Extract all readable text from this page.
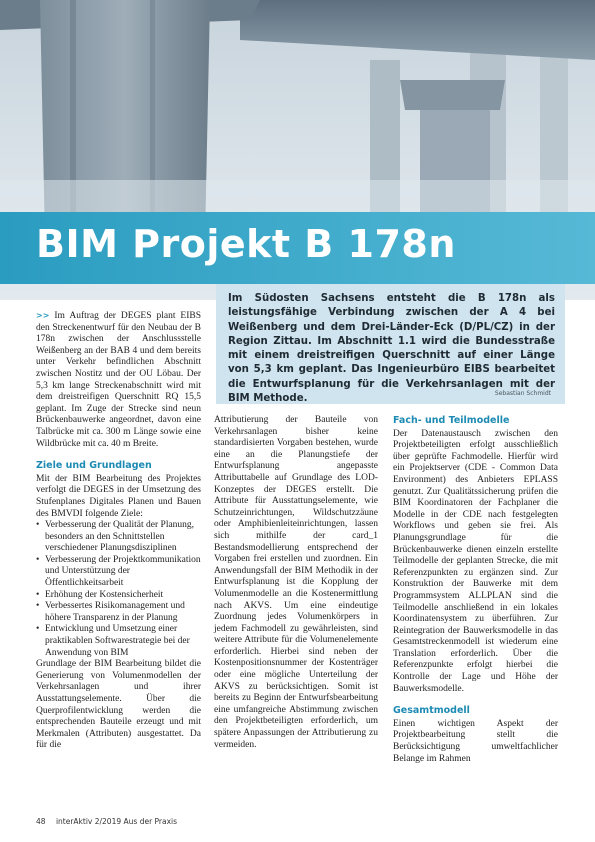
BIM Projekt B 178n

Im Südosten Sachsens entsteht die B 178n als leistungsfähige Verbindung zwischen der A 4 bei Weißenberg und dem Drei-Länder-Eck (D/PL/CZ) in der Region Zittau. Im Abschnitt 1.1 wird die Bundesstraße mit einem dreistreifigen Querschnitt auf einer Länge von 5,3 km geplant. Das Ingenieurbüro EIBS bearbeitet die Entwurfsplanung für die Verkehrsanlagen mit der BIM Methode.	Sebastian Schmidt

>> Im Auftrag der DEGES plant EIBS den Streckenentwurf für den Neubau der B 178n zwischen der Anschlussstelle Weißenberg an der BAB 4 und dem bereits unter Verkehr befindlichen Abschnitt zwischen Nostitz und der OU Löbau. Der 5,3 km lange Streckenabschnitt wird mit dem dreistreifigen Querschnitt RQ 15,5 geplant. Im Zuge der Strecke sind neun Brückenbauwerke angeordnet, davon eine Talbrücke mit ca. 300 m Länge sowie eine Wildbrücke mit ca. 40 m Breite.

Ziele und Grundlagen

Mit der BIM Bearbeitung des Projektes verfolgt die DEGES in der Umsetzung des Stufenplanes Digitales Planen und Bauen des BMVDI folgende Ziele:

• Verbesserung der Qualität der Planung, besonders an den Schnittstellen verschiedener Planungsdisziplinen
• Verbesserung der Projektkommunikation und Unterstützung der Öffentlichkeitsarbeit
• Erhöhung der Kostensicherheit
• Verbessertes Risikomanagement und höhere Transparenz in der Planung
• Entwicklung und Umsetzung einer praktikablen Softwarestrategie bei der Anwendung von BIM

Grundlage der BIM Bearbeitung bildet die Generierung von Volumenmodellen der Verkehrsanlagen und ihrer Ausstattungselemente. Über die Querprofilentwicklung werden die entsprechenden Bauteile erzeugt und mit Merkmalen (Attributen) ausgestattet. Da für die

Attributierung der Bauteile von Verkehrsanlagen bisher keine standardisierten Vorgaben bestehen, wurde eine an die Planungstiefe der Entwurfsplanung angepasste Attributtabelle auf Grundlage des LOD-Konzeptes der DEGES erstellt. Die Attribute für Ausstattungselemente, wie Schutzeinrichtungen, Wildschutzzäune oder Amphibienleiteinrichtungen, lassen sich mithilfe der card_1 Bestandsmodellierung entsprechend der Vorgaben frei erstellen und zuordnen. Ein Anwendungsfall der BIM Methodik in der Entwurfsplanung ist die Kopplung der Volumenmodelle an die Kostenermittlung nach AKVS. Um eine eindeutige Zuordnung jedes Volumenkörpers in jedem Fachmodell zu gewährleisten, sind weitere Attribute für die Volumenelemente erforderlich. Hierbei sind neben der Kostenpositionsnummer der Kostenträger oder eine mögliche Unterteilung der AKVS zu berücksichtigen. Somit ist bereits zu Beginn der Entwurfsbearbeitung eine umfangreiche Abstimmung zwischen den Projektbeteiligten erforderlich, um spätere Anpassungen der Attributierung zu vermeiden.

Fach- und Teilmodelle

Der Datenaustausch zwischen den Projektbeteiligten erfolgt ausschließlich über geprüfte Fachmodelle. Hierfür wird ein Projektserver (CDE - Common Data Environment) des Anbieters EPLASS genutzt. Zur Qualitätssicherung prüfen die BIM Koordinatoren der Fachplaner die Modelle in der CDE nach festgelegten Workflows und geben sie frei. Als Planungsgrundlage für die Brückenbauwerke dienen einzeln erstellte Teilmodelle der geplanten Strecke, die mit Referenzpunkten zu ergänzen sind. Zur Konstruktion der Bauwerke mit dem Programmsystem ALLPLAN sind die Teilmodelle anschließend in ein lokales Koordinatensystem zu überführen. Zur Reintegration der Bauwerksmodelle in das Gesamtstreckenmodell ist wiederum eine Translation erforderlich. Über die Referenzpunkte erfolgt hierbei die Kontrolle der Lage und Höhe der Bauwerksmodelle.

Gesamtmodell

Einen wichtigen Aspekt der Projektbearbeitung stellt die Berücksichtigung umweltfachlicher Belange im Rahmen

48 interAktiv 2/2019 Aus der Praxis
